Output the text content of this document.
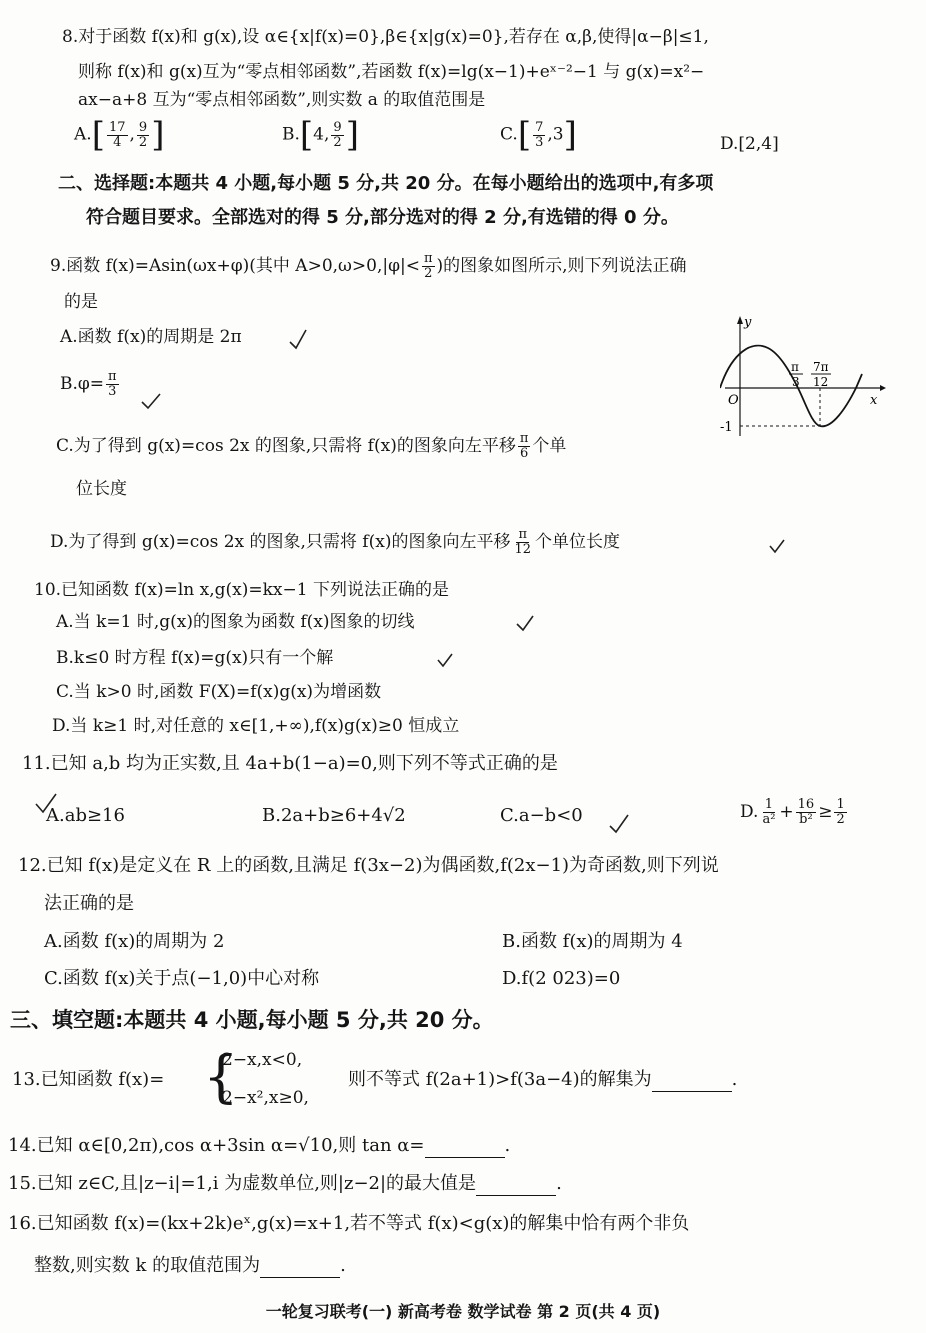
8.对于函数 f(x)和 g(x),设 α∈{x|f(x)=0},β∈{x|g(x)=0},若存在 α,β,使得|α−β|≤1,
则称 f(x)和 g(x)互为“零点相邻函数”,若函数 f(x)=lg(x−1)+eˣ⁻²−1 与 g(x)=x²−
ax−a+8 互为“零点相邻函数”,则实数 a 的取值范围是
$A.[ \frac{17}{4}$ , $\frac{9}{2}$ ]	B.[4, $\frac{9}{2}$ ]	$C.[ \frac{7}{3} ,3]$	D.[2,4]
二、选择题:本题共 4 小题,每小题 5 分,共 20 分。在每小题给出的选项中,有多项
符合题目要求。全部选对的得 5 分,部分选对的得 2 分,有选错的得 0 分。
9.函数 f(x)=Asin(ωx+φ)(其中 $A>0,\omega>0,|\varphi|< \frac{\pi}{2}$ )的图象如图所示,则下列说法正确
的是
A.函数 f(x)的周期是 2π
$B.\varphi= \frac{\pi}{3}$
C.为了得到 g(x)=cos 2x 的图象,只需将 f(x)的图象向左平移 $\frac{\pi}{6}$ 个单
位长度
D.为了得到 g(x)=cos 2x 的图象,只需将 f(x)的图象向左平移 $\frac{\pi}{12}$ 个单位长度
y
x
O
-1
π
3
7π
12
10.已知函数 f(x)=ln x,g(x)=kx−1 下列说法正确的是
A.当 k=1 时,g(x)的图象为函数 f(x)图象的切线
B.k≤0 时方程 f(x)=g(x)只有一个解
C.当 k>0 时,函数 F(X)=f(x)g(x)为增函数
D.当 k≥1 时,对任意的 x∈[1,+∞),f(x)g(x)≥0 恒成立
11.已知 a,b 均为正实数,且 4a+b(1−a)=0,则下列不等式正确的是
A.ab≥16	B.2a+b≥6+4√2	C.a−b<0	D. $\frac{1}{\text{a²}} + \frac{16}{\text{b²}} \ge \frac{1}{2}$
12.已知 f(x)是定义在 R 上的函数,且满足 f(3x−2)为偶函数,f(2x−1)为奇函数,则下列说
法正确的是
A.函数 f(x)的周期为 2	B.函数 f(x)的周期为 4
C.函数 f(x)关于点(−1,0)中心对称	D.f(2 023)=0
三、填空题:本题共 4 小题,每小题 5 分,共 20 分。
13.已知函数 f(x)= {
2−x,x<0,
2−x²,x≥0,
则不等式 f(2a+1)>f(3a−4)的解集为	.
14.已知 α∈[0,2π),cos α+3sin α=√10,则 tan α=	.
15.已知 z∈C,且|z−i|=1,i 为虚数单位,则|z−2|的最大值是	.
16.已知函数 f(x)=(kx+2k)eˣ,g(x)=x+1,若不等式 f(x)<g(x)的解集中恰有两个非负
整数,则实数 k 的取值范围为	.
一轮复习联考(一) 新高考卷 数学试卷 第 2 页(共 4 页)
